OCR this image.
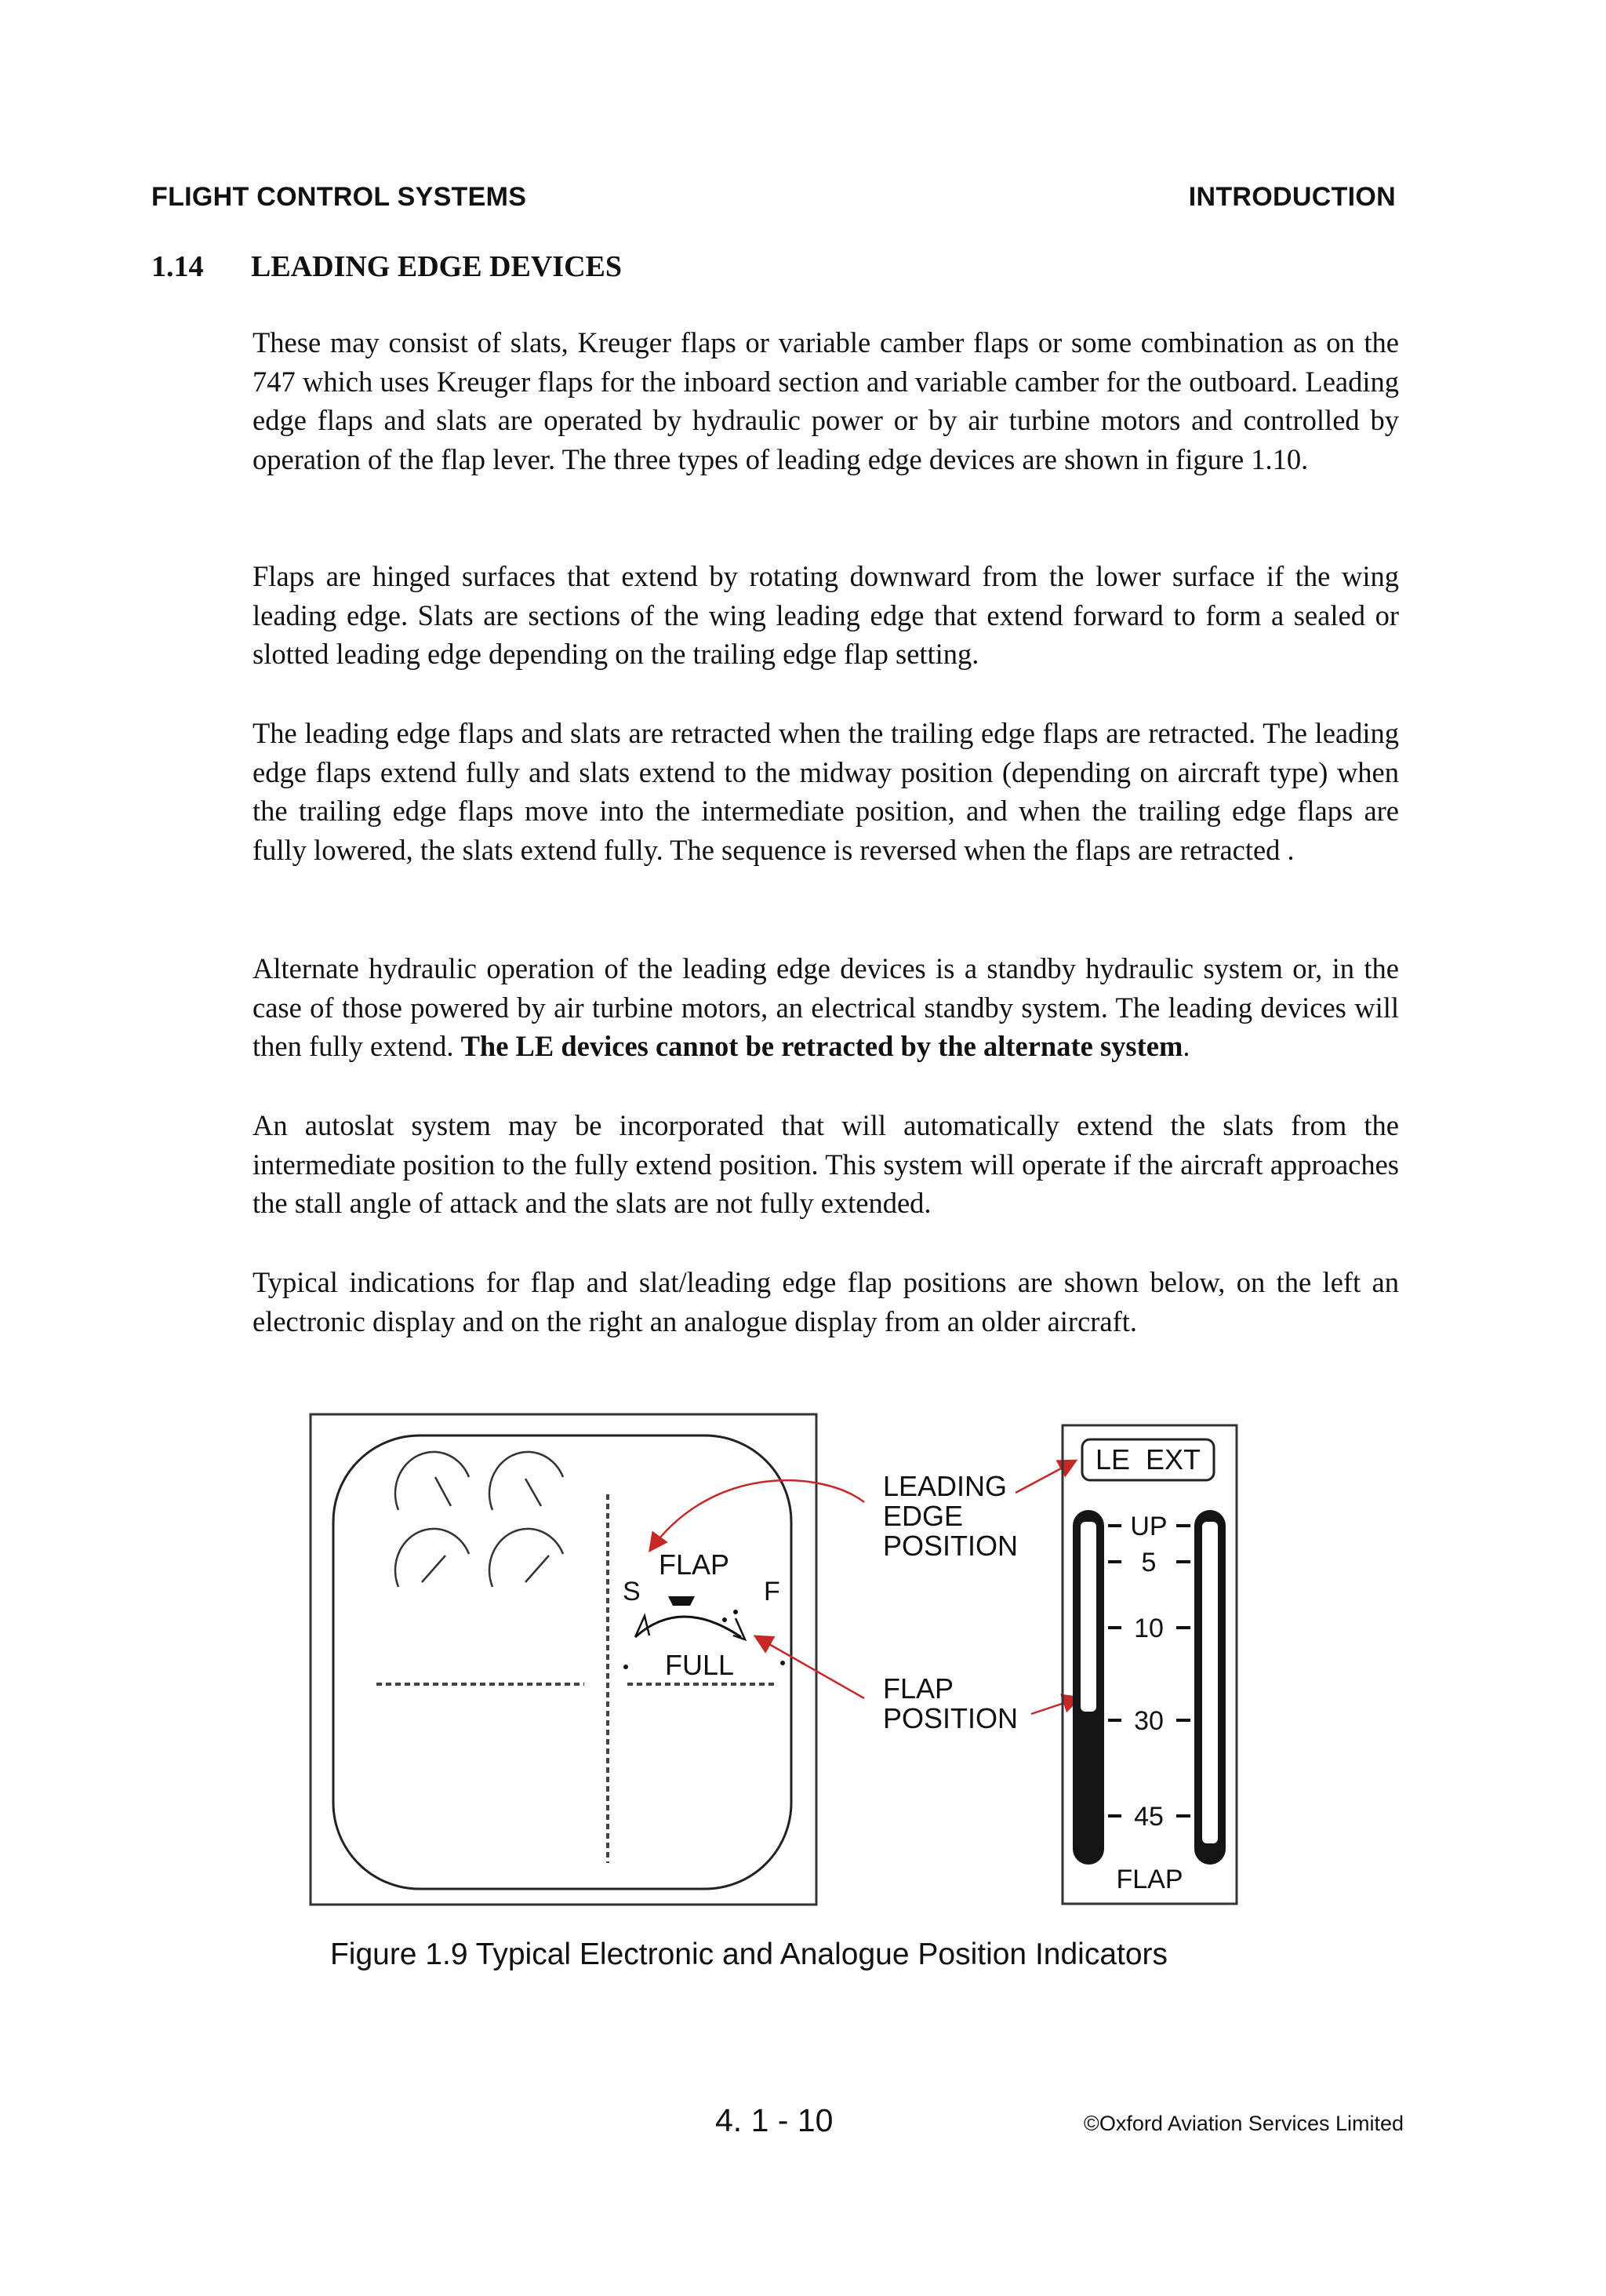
FLIGHT CONTROL SYSTEMS	INTRODUCTION
1.14 LEADING EDGE DEVICES

These may consist of slats, Kreuger flaps or variable camber flaps or some combination as on the 747 which uses Kreuger flaps for the inboard section and variable camber for the outboard. Leading edge flaps and slats are operated by hydraulic power or by air turbine motors and controlled by operation of the flap lever. The three types of leading edge devices are shown in figure 1.10.

Flaps are hinged surfaces that extend by rotating downward from the lower surface if the wing leading edge. Slats are sections of the wing leading edge that extend forward to form a sealed or slotted leading edge depending on the trailing edge flap setting.

The leading edge flaps and slats are retracted when the trailing edge flaps are retracted. The leading edge flaps extend fully and slats extend to the midway position (depending on aircraft type) when the trailing edge flaps move into the intermediate position, and when the trailing edge flaps are fully lowered, the slats extend fully. The sequence is reversed when the flaps are retracted .

Alternate hydraulic operation of the leading edge devices is a standby hydraulic system or, in the case of those powered by air turbine motors, an electrical standby system. The leading devices will then fully extend. The LE devices cannot be retracted by the alternate system.

An autoslat system may be incorporated that will automatically extend the slats from the intermediate position to the fully extend position. This system will operate if the aircraft approaches the stall angle of attack and the slats are not fully extended.

Typical indications for flap and slat/leading edge flap positions are shown below, on the left an electronic display and on the right an analogue display from an older aircraft.

FLAP
S	F
FULL
LEADING
EDGE
POSITION
FLAP
POSITION
LE  EXT
UP
5
10
30
45
FLAP
Figure 1.9 Typical Electronic and Analogue Position Indicators
4. 1 - 10	©Oxford Aviation Services Limited
